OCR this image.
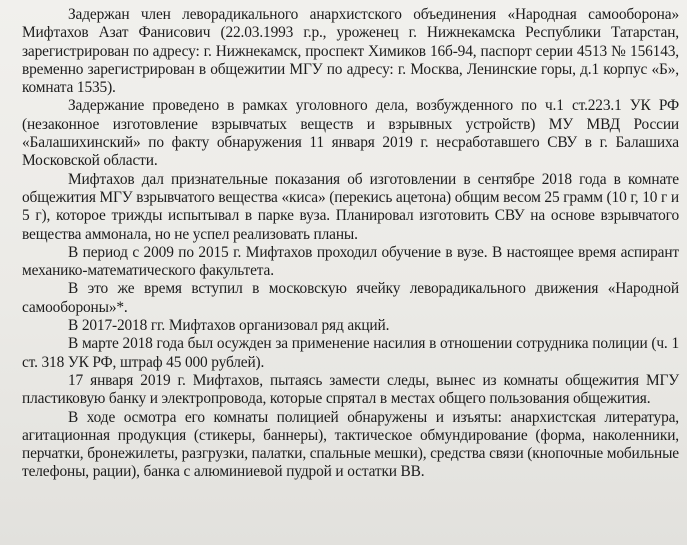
Задержан член леворадикального анархистского объединения «Народная самооборона» Мифтахов Азат Фанисович (22.03.1993 г.р., уроженец г. Нижнекамска Республики Татарстан, зарегистрирован по адресу: г. Нижнекамск, проспект Химиков 16б-94, паспорт серии 4513 № 156143, временно зарегистрирован в общежитии МГУ по адресу: г. Москва, Ленинские горы, д.1 корпус «Б», комната 1535).

Задержание проведено в рамках уголовного дела, возбужденного по ч.1 ст.223.1 УК РФ (незаконное изготовление взрывчатых веществ и взрывных устройств) МУ МВД России «Балашихинский» по факту обнаружения 11 января 2019 г. несработавшего СВУ в г. Балашиха Московской области.

Мифтахов дал признательные показания об изготовлении в сентябре 2018 года в комнате общежития МГУ взрывчатого вещества «киса» (перекись ацетона) общим весом 25 грамм (10 г, 10 г и 5 г), которое трижды испытывал в парке вуза. Планировал изготовить СВУ на основе взрывчатого вещества аммонала, но не успел реализовать планы.

В период с 2009 по 2015 г. Мифтахов проходил обучение в вузе. В настоящее время аспирант механико-математического факультета.

В это же время вступил в московскую ячейку леворадикального движения «Народной самообороны»*.

В 2017-2018 гг. Мифтахов организовал ряд акций.

В марте 2018 года был осужден за применение насилия в отношении сотрудника полиции (ч. 1 ст. 318 УК РФ, штраф 45 000 рублей).

17 января 2019 г. Мифтахов, пытаясь замести следы, вынес из комнаты общежития МГУ пластиковую банку и электропровода, которые спрятал в местах общего пользования общежития.

В ходе осмотра его комнаты полицией обнаружены и изъяты: анархистская литература, агитационная продукция (стикеры, баннеры), тактическое обмундирование (форма, наколенники, перчатки, бронежилеты, разгрузки, палатки, спальные мешки), средства связи (кнопочные мобильные телефоны, рации), банка с алюминиевой пудрой и остатки ВВ.
